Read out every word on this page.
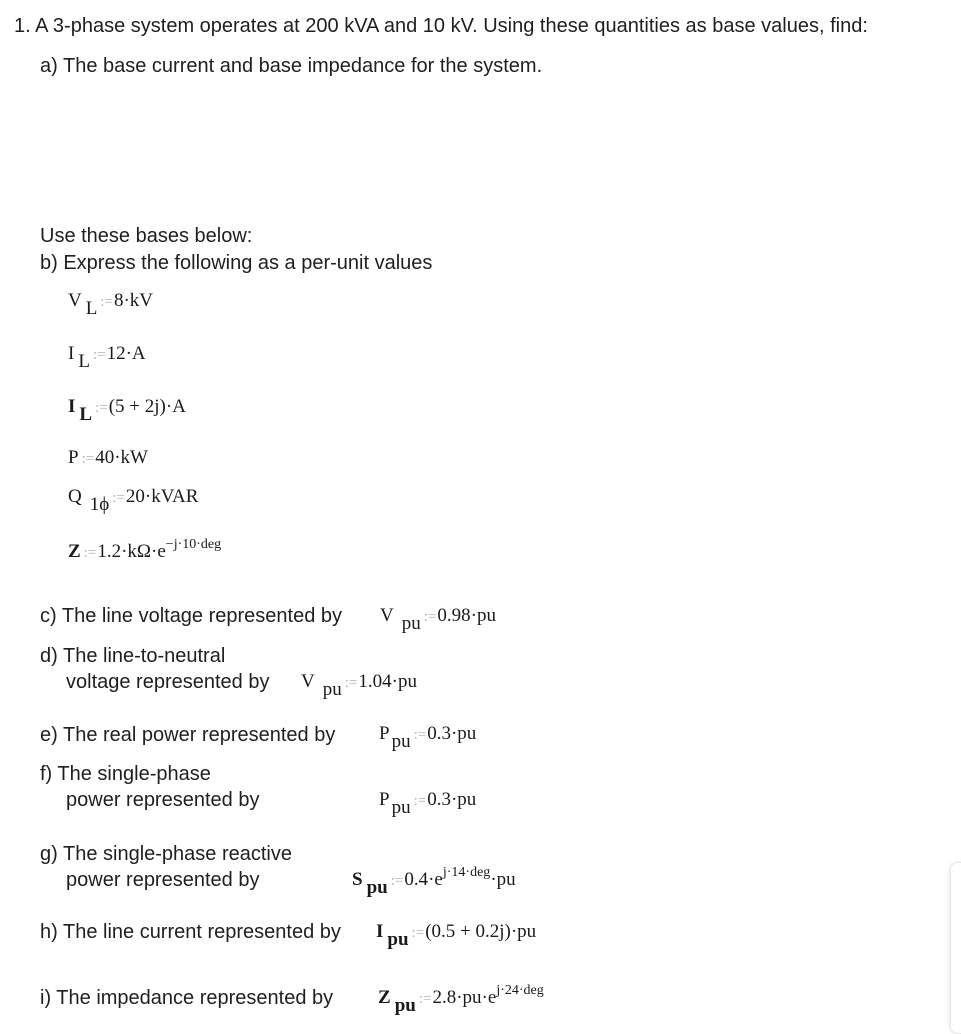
1. A 3-phase system operates at 200 kVA and 10 kV. Using these quantities as base values, find:
a) The base current and base impedance for the system.
Use these bases below:
b) Express the following as a per-unit values
V L :=8·kV
I L :=12·A
I L :=(5 + 2j)·A
P :=40·kW
Q 1ϕ :=20·kVAR
Z $:=1.2\cdot k\Omega\cdot e^{-j\cdot 10\cdot deg}$
c) The line voltage represented by V pu :=0.98·pu
d) The line-to-neutral
voltage represented by V pu :=1.04·pu
e) The real power represented by P pu :=0.3·pu
f) The single-phase
power represented by	P pu :=0.3·pu
g) The single-phase reactive
power represented by	S pu $:=0.4\cdot e^{j\cdot 14\cdot deg}\cdot pu$
h) The line current represented by I pu :=(0.5 + 0.2j)·pu
i) The impedance represented by Z pu $:=2.8\cdot pu\cdot e^{j\cdot 24\cdot deg}$
